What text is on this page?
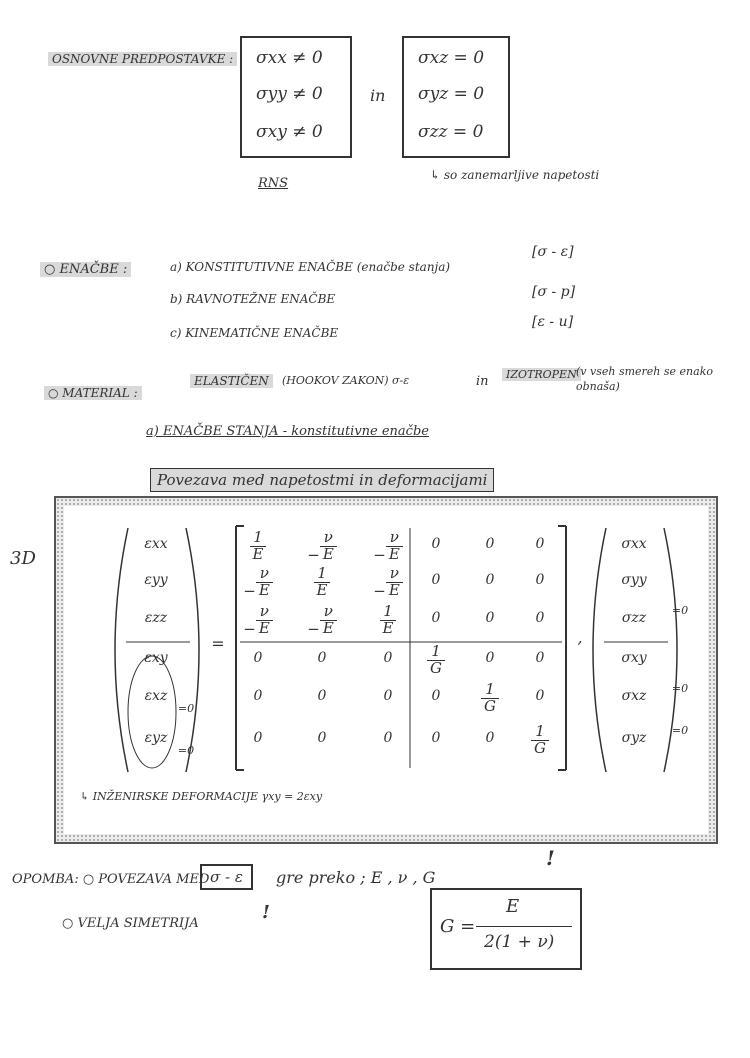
OSNOVNE PREDPOSTAVKE : σxx ≠ 0
σyy ≠ 0
σxy ≠ 0
in
σxz = 0
σyz = 0
σzz = 0
↳ so zanemarljive napetosti
RNS
○ ENAČBE :	a) KONSTITUTIVNE ENAČBE (enačbe stanja)
[σ - ε]
b) RAVNOTEŽNE ENAČBE	[σ - p]
c) KINEMATIČNE ENAČBE
[ε - u]
○ MATERIAL :
ELASTIČEN	(HOOKOV ZAKON) σ-ε	in	IZOTROPEN (v vseh smereh se enako obnaša)
a) ENAČBE STANJA - konstitutivne enačbe
Povezava med napetostmi in deformacijami
3D
εxx
εyy
εzz
εxy
εxz
εyz
=0
=0
=
$\frac{1}{E}$	− $\frac{\nu}{E}$	− $\frac{\nu}{E}$	0	0	0
− $\frac{\nu}{E}$	$\frac{1}{E}$	− $\frac{\nu}{E}$	0	0	0
− $\frac{\nu}{E}$	− $\frac{\nu}{E}$	$\frac{1}{E}$	0	0	0
0	0	0	$\frac{1}{G}$	0	0
0	0	0	0	$\frac{1}{G}$	0
0	0	0	0	0	$\frac{1}{G}$
,
σxx
σyy
σzz
σxy
σxz
σyz
=0
=0
=0
↳ INŽENIRSKE DEFORMACIJE γxy = 2εxy
OPOMBA: ○ POVEZAVA MED σ - ε	gre preko ; E , ν , G
!
○ VELJA SIMETRIJA
!
G =
E
2(1 + ν)
